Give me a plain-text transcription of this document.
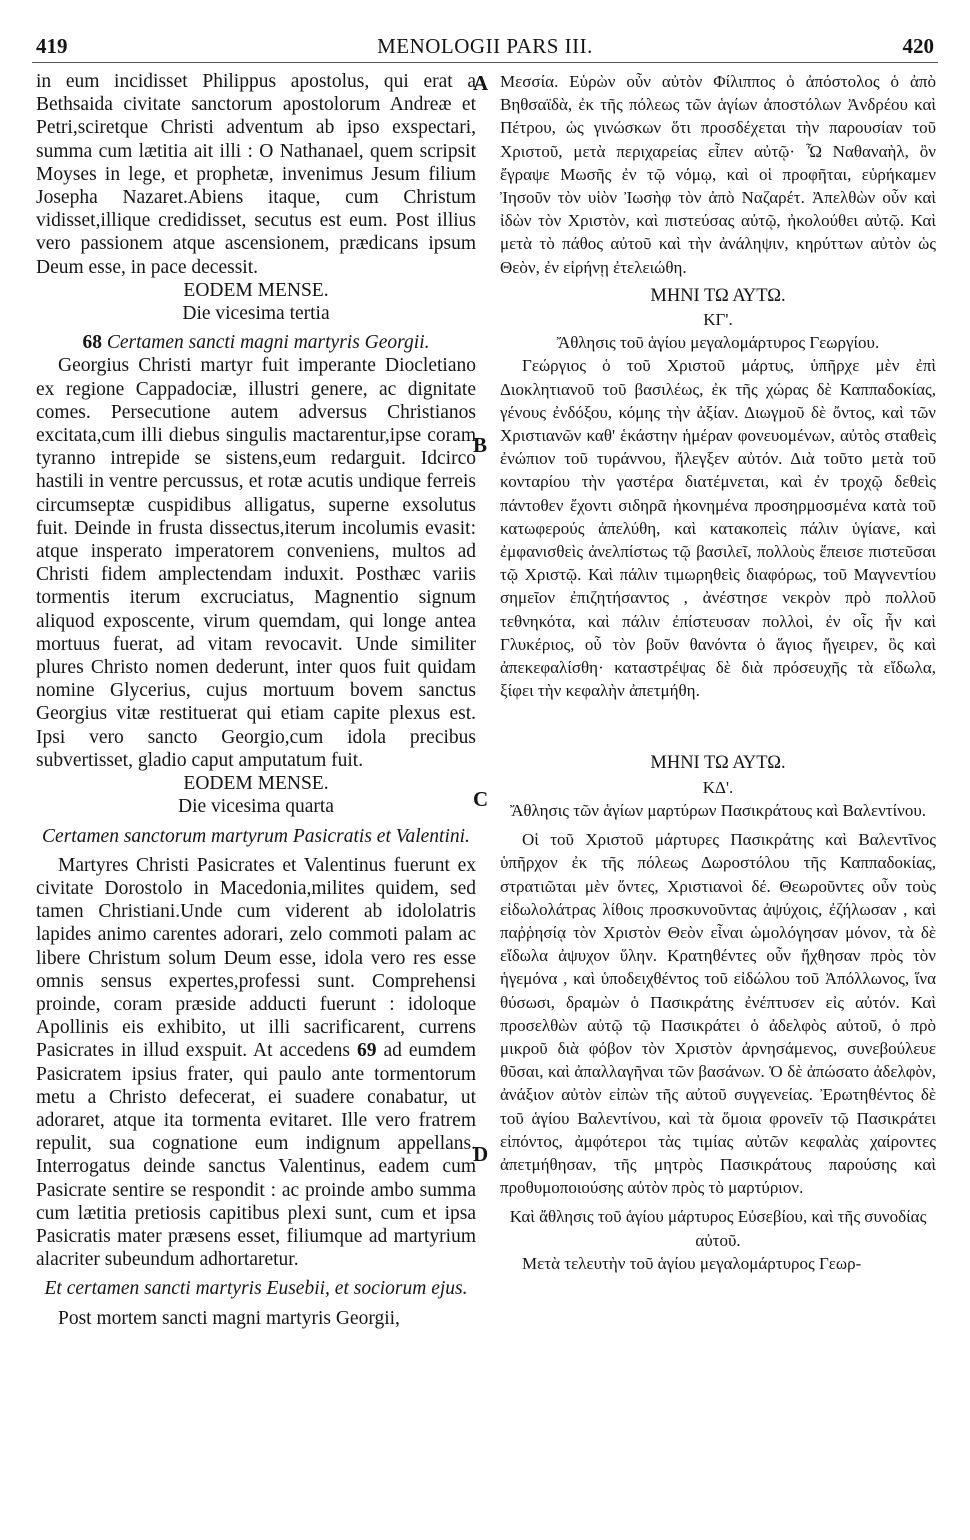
419	MENOLOGII PARS III.	420
A
B
C
D

in eum incidisset Philippus apostolus, qui erat a Bethsaida civitate sanctorum apostolorum Andreæ et Petri,sciretque Christi adventum ab ipso exspectari, summa cum lætitia ait illi : O Nathanael, quem scripsit Moyses in lege, et prophetæ, invenimus Jesum filium Josepha Nazaret.Abiens itaque, cum Christum vidisset,illique credidisset, secutus est eum. Post illius vero passionem atque ascensionem, prædicans ipsum Deum esse, in pace decessit.

EODEM MENSE.

Die vicesima tertia

68 Certamen sancti magni martyris Georgii.

Georgius Christi martyr fuit imperante Diocletiano ex regione Cappadociæ, illustri genere, ac dignitate comes. Persecutione autem adversus Christianos excitata,cum illi diebus singulis mactarentur,ipse coram tyranno intrepide se sistens,eum redarguit. Idcirco hastili in ventre percussus, et rotæ acutis undique ferreis circumseptæ cuspidibus alligatus, superne exsolutus fuit. Deinde in frusta dissectus,iterum incolumis evasit: atque insperato imperatorem conveniens, multos ad Christi fidem amplectendam induxit. Posthæc variis tormentis iterum excruciatus, Magnentio signum aliquod exposcente, virum quemdam, qui longe antea mortuus fuerat, ad vitam revocavit. Unde similiter plures Christo nomen dederunt, inter quos fuit quidam nomine Glycerius, cujus mortuum bovem sanctus Georgius vitæ restituerat qui etiam capite plexus est. Ipsi vero sancto Georgio,cum idola precibus subvertisset, gladio caput amputatum fuit.

EODEM MENSE.

Die vicesima quarta

Certamen sanctorum martyrum Pasicratis et Valentini.

Martyres Christi Pasicrates et Valentinus fuerunt ex civitate Dorostolo in Macedonia,milites quidem, sed tamen Christiani.Unde cum viderent ab idololatris lapides animo carentes adorari, zelo commoti palam ac libere Christum solum Deum esse, idola vero res esse omnis sensus expertes,professi sunt. Comprehensi proinde, coram præside adducti fuerunt : idoloque Apollinis eis exhibito, ut illi sacrificarent, currens Pasicrates in illud exspuit. At accedens 69 ad eumdem Pasicratem ipsius frater, qui paulo ante tormentorum metu a Christo defecerat, ei suadere conabatur, ut adoraret, atque ita tormenta evitaret. Ille vero fratrem repulit, sua cognatione eum indignum appellans. Interrogatus deinde sanctus Valentinus, eadem cum Pasicrate sentire se respondit : ac proinde ambo summa cum lætitia pretiosis capitibus plexi sunt, cum et ipsa Pasicratis mater præsens esset, filiumque ad martyrium alacriter subeundum adhortaretur.

Et certamen sancti martyris Eusebii, et sociorum ejus.

Post mortem sancti magni martyris Georgii,

Μεσσία. Εὑρὼν οὖν αὐτὸν Φίλιππος ὁ ἀπόστολος ὁ ἀπὸ Βηθσαϊδὰ, ἐκ τῆς πόλεως τῶν ἁγίων ἀποστόλων Ἀνδρέου καὶ Πέτρου, ὡς γινώσκων ὅτι προσδέχεται τὴν παρουσίαν τοῦ Χριστοῦ, μετὰ περιχαρείας εἶπεν αὐτῷ· Ὦ Ναθαναὴλ, ὃν ἔγραψε Μωσῆς ἐν τῷ νόμῳ, καὶ οἱ προφῆται, εὑρήκαμεν Ἰησοῦν τὸν υἱὸν Ἰωσὴφ τὸν ἀπὸ Ναζαρέτ. Ἀπελθὼν οὖν καὶ ἰδὼν τὸν Χριστὸν, καὶ πιστεύσας αὐτῷ, ἠκολούθει αὐτῷ. Καὶ μετὰ τὸ πάθος αὐτοῦ καὶ τὴν ἀνάληψιν, κηρύττων αὐτὸν ὡς Θεὸν, ἐν εἰρήνῃ ἐτελειώθη.

ΜΗΝΙ ΤΩ ΑΥΤΩ.

ΚΓ'.

Ἄθλησις τοῦ ἁγίου μεγαλομάρτυρος Γεωργίου.

Γεώργιος ὁ τοῦ Χριστοῦ μάρτυς, ὑπῆρχε μὲν ἐπὶ Διοκλητιανοῦ τοῦ βασιλέως, ἐκ τῆς χώρας δὲ Καππαδοκίας, γένους ἐνδόξου, κόμης τὴν ἀξίαν. Διωγμοῦ δὲ ὄντος, καὶ τῶν Χριστιανῶν καθ' ἑκάστην ἡμέραν φονευομένων, αὐτὸς σταθεὶς ἐνώπιον τοῦ τυράννου, ἤλεγξεν αὐτόν. Διὰ τοῦτο μετὰ τοῦ κονταρίου τὴν γαστέρα διατέμνεται, καὶ ἐν τροχῷ δεθεὶς πάντοθεν ἔχοντι σιδηρᾶ ἠκονημένα προσηρμοσμένα κατὰ τοῦ κατωφερούς ἀπελύθη, καὶ κατακοπεὶς πάλιν ὑγίανε, καὶ ἐμφανισθεὶς ἀνελπίστως τῷ βασιλεῖ, πολλοὺς ἔπεισε πιστεῦσαι τῷ Χριστῷ. Καὶ πάλιν τιμωρηθεὶς διαφόρως, τοῦ Μαγνεντίου σημεῖον ἐπιζητήσαντος , ἀνέστησε νεκρὸν πρὸ πολλοῦ τεθνηκότα, καὶ πάλιν ἐπίστευσαν πολλοὶ, ἐν οἷς ἦν καὶ Γλυκέριος, οὗ τὸν βοῦν θανόντα ὁ ἅγιος ἤγειρεν, ὃς καὶ ἀπεκεφαλίσθη· καταστρέψας δὲ διὰ πρόσευχῆς τὰ εἴδωλα, ξίφει τὴν κεφαλὴν ἀπετμήθη.

ΜΗΝΙ ΤΩ ΑΥΤΩ.

ΚΔ'.

Ἄθλησις τῶν ἁγίων μαρτύρων Πασικράτους καὶ Βαλεντίνου.

Οἱ τοῦ Χριστοῦ μάρτυρες Πασικράτης καὶ Βαλεντῖνος ὑπῆρχον ἐκ τῆς πόλεως Δωροστόλου τῆς Καππαδοκίας, στρατιῶται μὲν ὄντες, Χριστιανοὶ δέ. Θεωροῦντες οὖν τοὺς εἰδωλολάτρας λίθοις προσκυνοῦντας ἀψύχοις, ἐζήλωσαν , καὶ παῤῥησίᾳ τὸν Χριστὸν Θεὸν εἶναι ὡμολόγησαν μόνον, τὰ δὲ εἴδωλα ἀψυχον ὕλην. Κρατηθέντες οὖν ἤχθησαν πρὸς τὸν ἡγεμόνα , καὶ ὑποδειχθέντος τοῦ εἰδώλου τοῦ Ἀπόλλωνος, ἵνα θύσωσι, δραμὼν ὁ Πασικράτης ἐνέπτυσεν εἰς αὐτόν. Καὶ προσελθὼν αὐτῷ τῷ Πασικράτει ὁ ἀδελφὸς αὐτοῦ, ὁ πρὸ μικροῦ διὰ φόβον τὸν Χριστὸν ἀρνησάμενος, συνεβούλευε θῦσαι, καὶ ἀπαλλαγῆναι τῶν βασάνων. Ὁ δὲ ἀπώσατο ἀδελφὸν, ἀνάξιον αὐτὸν εἰπὼν τῆς αὐτοῦ συγγενείας. Ἐρωτηθέντος δὲ τοῦ ἁγίου Βαλεντίνου, καὶ τὰ ὅμοια φρονεῖν τῷ Πασικράτει εἰπόντος, ἀμφότεροι τὰς τιμίας αὐτῶν κεφαλὰς χαίροντες ἀπετμήθησαν, τῆς μητρὸς Πασικράτους παρούσης καὶ προθυμοποιούσης αὐτὸν πρὸς τὸ μαρτύριον.

Καὶ ἄθλησις τοῦ ἁγίου μάρτυρος Εὐσεβίου, καὶ τῆς συνοδίας αὐτοῦ.

Μετὰ τελευτὴν τοῦ ἁγίου μεγαλομάρτυρος Γεωρ-
